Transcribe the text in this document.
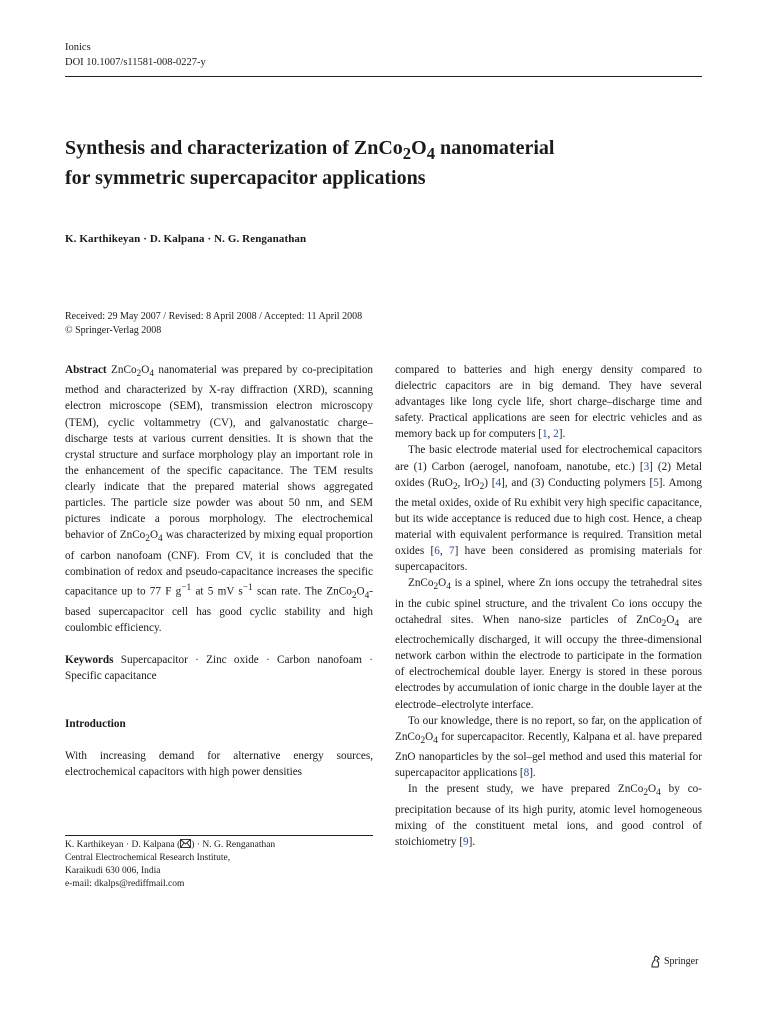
Ionics
DOI 10.1007/s11581-008-0227-y
Synthesis and characterization of $ZnCo_2O_4$ nanomaterial
for symmetric supercapacitor applications
K. Karthikeyan · D. Kalpana · N. G. Renganathan
Received: 29 May 2007 / Revised: 8 April 2008 / Accepted: 11 April 2008
© Springer-Verlag 2008

Abstract $ZnCo_2O_4$ nanomaterial was prepared by co-precipitation method and characterized by X-ray diffraction (XRD), scanning electron microscope (SEM), transmission electron microscopy (TEM), cyclic voltammetry (CV), and galvanostatic charge–discharge tests at various current densities. It is shown that the crystal structure and surface morphology play an important role in the enhancement of the specific capacitance. The TEM results clearly indicate that the prepared material shows aggregated particles. The particle size powder was about 50 nm, and SEM pictures indicate a porous morphology. The electrochemical behavior of $ZnCo_2O_4$ was characterized by mixing equal proportion of carbon nanofoam (CNF). From CV, it is concluded that the combination of redox and pseudo-capacitance increases the specific capacitance up to 77 F $g^{-1}$ at 5 mV $s^{-1}$ scan rate. The $ZnCo_2O_4$-based supercapacitor cell has good cyclic stability and high coulombic efficiency.

Keywords Supercapacitor · Zinc oxide · Carbon nanofoam · Specific capacitance

Introduction

With increasing demand for alternative energy sources, electrochemical capacitors with high power densities

K. Karthikeyan · D. Kalpana ( ) · N. G. Renganathan
Central Electrochemical Research Institute,
Karaikudi 630 006, India
e-mail: dkalps@rediffmail.com

compared to batteries and high energy density compared to dielectric capacitors are in big demand. They have several advantages like long cycle life, short charge–discharge time and safety. Practical applications are seen for electric vehicles and as memory back up for computers [1, 2].

The basic electrode material used for electrochemical capacitors are (1) Carbon (aerogel, nanofoam, nanotube, etc.) [3] (2) Metal oxides (RuO$_2$, IrO$_2$) [4], and (3) Conducting polymers [5]. Among the metal oxides, oxide of Ru exhibit very high specific capacitance, but its wide acceptance is reduced due to high cost. Hence, a cheap material with equivalent performance is required. Transition metal oxides [6, 7] have been considered as promising materials for supercapacitors.

$ZnCo_2O_4$ is a spinel, where Zn ions occupy the tetrahedral sites in the cubic spinel structure, and the trivalent Co ions occupy the octahedral sites. When nano-size particles of $ZnCo_2O_4$ are electrochemically discharged, it will occupy the three-dimensional network carbon within the electrode to participate in the formation of electrochemical double layer. Energy is stored in these porous electrodes by accumulation of ionic charge in the double layer at the electrode–electrolyte interface.

To our knowledge, there is no report, so far, on the application of $ZnCo_2O_4$ for supercapacitor. Recently, Kalpana et al. have prepared ZnO nanoparticles by the sol–gel method and used this material for supercapacitor applications [8].

In the present study, we have prepared $ZnCo_2O_4$ by co-precipitation because of its high purity, atomic level homogeneous mixing of the constituent metal ions, and good control of stoichiometry [9].

Springer
